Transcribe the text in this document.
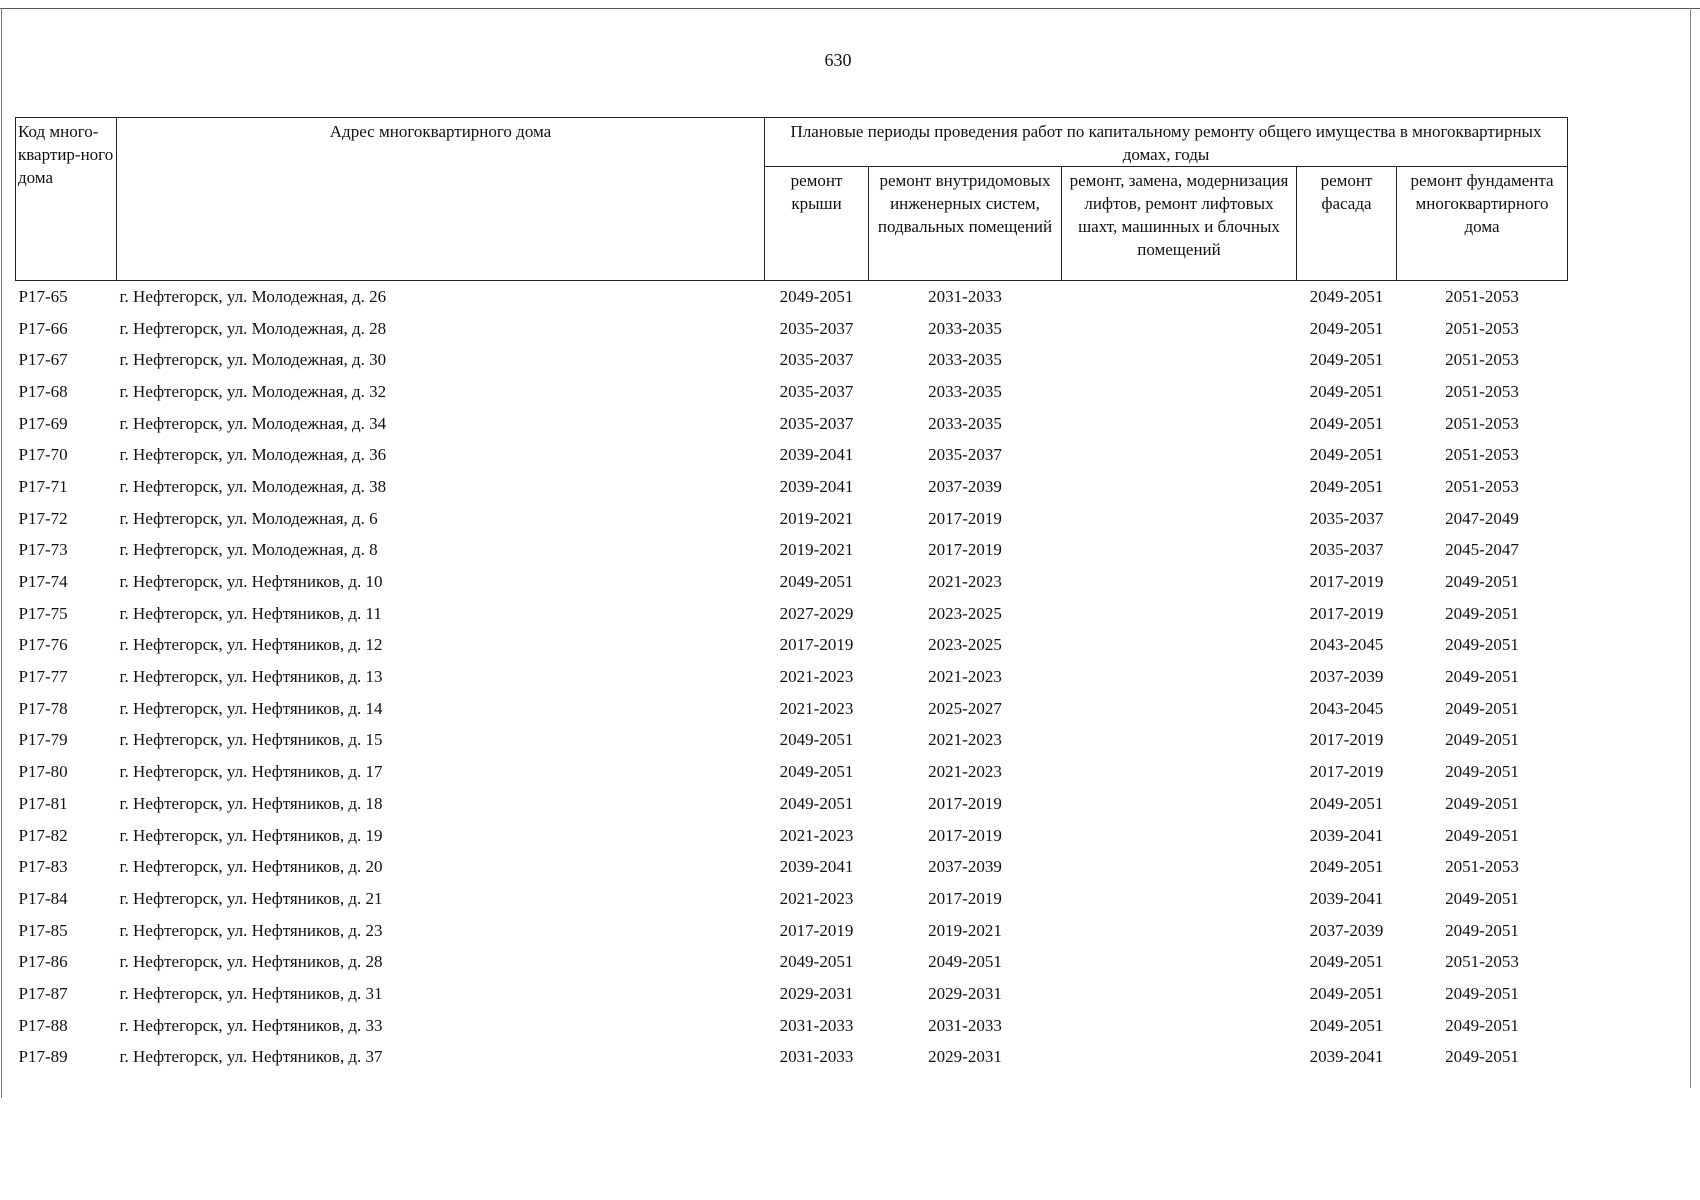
630
Код много-квартир-ного дома	Адрес многоквартирного дома	Плановые периоды проведения работ по капитальному ремонту общего имущества в многоквартирных домах, годы				
		ремонт крыши	ремонт внутридомовых инженерных систем, подвальных помещений	ремонт, замена, модернизация лифтов, ремонт лифтовых шахт, машинных и блочных помещений	ремонт фасада	ремонт фундамента многоквартирного дома
P17-65	г. Нефтегорск, ул. Молодежная, д. 26	2049-2051	2031-2033		2049-2051	2051-2053
P17-66	г. Нефтегорск, ул. Молодежная, д. 28	2035-2037	2033-2035		2049-2051	2051-2053
P17-67	г. Нефтегорск, ул. Молодежная, д. 30	2035-2037	2033-2035		2049-2051	2051-2053
P17-68	г. Нефтегорск, ул. Молодежная, д. 32	2035-2037	2033-2035		2049-2051	2051-2053
P17-69	г. Нефтегорск, ул. Молодежная, д. 34	2035-2037	2033-2035		2049-2051	2051-2053
P17-70	г. Нефтегорск, ул. Молодежная, д. 36	2039-2041	2035-2037		2049-2051	2051-2053
P17-71	г. Нефтегорск, ул. Молодежная, д. 38	2039-2041	2037-2039		2049-2051	2051-2053
P17-72	г. Нефтегорск, ул. Молодежная, д. 6	2019-2021	2017-2019		2035-2037	2047-2049
P17-73	г. Нефтегорск, ул. Молодежная, д. 8	2019-2021	2017-2019		2035-2037	2045-2047
P17-74	г. Нефтегорск, ул. Нефтяников, д. 10	2049-2051	2021-2023		2017-2019	2049-2051
P17-75	г. Нефтегорск, ул. Нефтяников, д. 11	2027-2029	2023-2025		2017-2019	2049-2051
P17-76	г. Нефтегорск, ул. Нефтяников, д. 12	2017-2019	2023-2025		2043-2045	2049-2051
P17-77	г. Нефтегорск, ул. Нефтяников, д. 13	2021-2023	2021-2023		2037-2039	2049-2051
P17-78	г. Нефтегорск, ул. Нефтяников, д. 14	2021-2023	2025-2027		2043-2045	2049-2051
P17-79	г. Нефтегорск, ул. Нефтяников, д. 15	2049-2051	2021-2023		2017-2019	2049-2051
P17-80	г. Нефтегорск, ул. Нефтяников, д. 17	2049-2051	2021-2023		2017-2019	2049-2051
P17-81	г. Нефтегорск, ул. Нефтяников, д. 18	2049-2051	2017-2019		2049-2051	2049-2051
P17-82	г. Нефтегорск, ул. Нефтяников, д. 19	2021-2023	2017-2019		2039-2041	2049-2051
P17-83	г. Нефтегорск, ул. Нефтяников, д. 20	2039-2041	2037-2039		2049-2051	2051-2053
P17-84	г. Нефтегорск, ул. Нефтяников, д. 21	2021-2023	2017-2019		2039-2041	2049-2051
P17-85	г. Нефтегорск, ул. Нефтяников, д. 23	2017-2019	2019-2021		2037-2039	2049-2051
P17-86	г. Нефтегорск, ул. Нефтяников, д. 28	2049-2051	2049-2051		2049-2051	2051-2053
P17-87	г. Нефтегорск, ул. Нефтяников, д. 31	2029-2031	2029-2031		2049-2051	2049-2051
P17-88	г. Нефтегорск, ул. Нефтяников, д. 33	2031-2033	2031-2033		2049-2051	2049-2051
P17-89	г. Нефтегорск, ул. Нефтяников, д. 37	2031-2033	2029-2031		2039-2041	2049-2051
